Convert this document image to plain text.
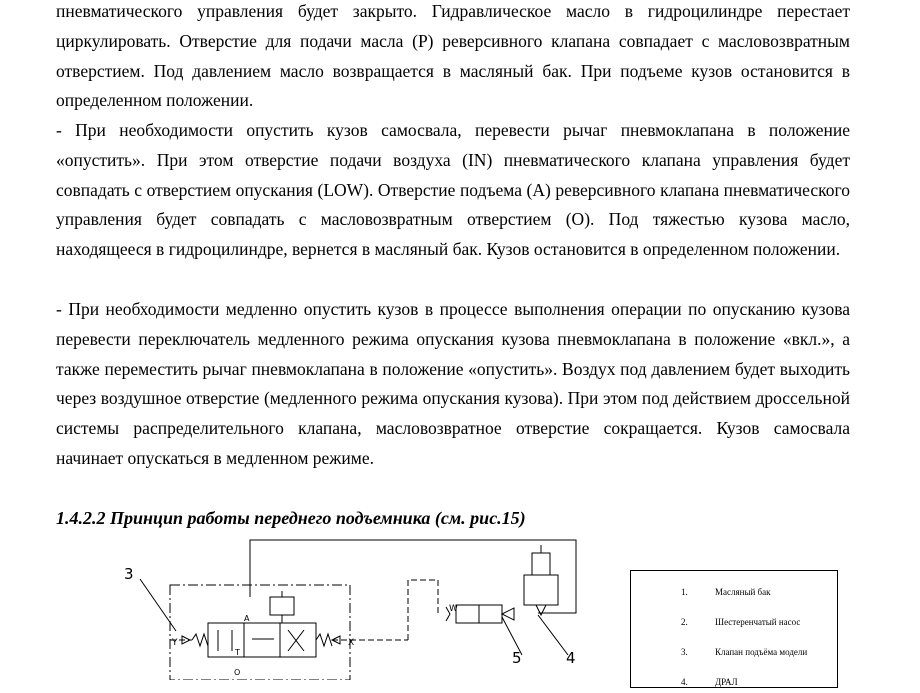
пневматического управления будет закрыто. Гидравлическое масло в гидроцилиндре перестает циркулировать. Отверстие для подачи масла (P) реверсивного клапана совпадает с масловозвратным отверстием. Под давлением масло возвращается в масляный бак. При подъеме кузов остановится в определенном положении.

- При необходимости опустить кузов самосвала, перевести рычаг пневмоклапана в положение «опустить». При этом отверстие подачи воздуха (IN) пневматического клапана управления будет совпадать с отверстием опускания (LOW). Отверстие подъема (A) реверсивного клапана пневматического управления будет совпадать с масловозвратным отверстием (O). Под тяжестью кузова масло, находящееся в гидроцилиндре, вернется в масляный бак. Кузов остановится в определенном положении.

- При необходимости медленно опустить кузов в процессе выполнения операции по опусканию кузова перевести переключатель медленного режима опускания кузова пневмоклапана в положение «вкл.», а также переместить рычаг пневмоклапана в положение «опустить». Воздух под давлением будет выходить через воздушное отверстие (медленного режима опускания кузова). При этом под действием дроссельной системы распределительного клапана, масловозвратное отверстие сокращается. Кузов самосвала начинает опускаться в медленном режиме.

1.4.2.2 Принцип работы переднего подъемника (см. рис.15)
3
5	4
Y	X
A
T
O
W
1.	Масляный бак
2.	Шестеренчатый насос
3.	Клапан подъёма модели
4.	ДРАЛ
